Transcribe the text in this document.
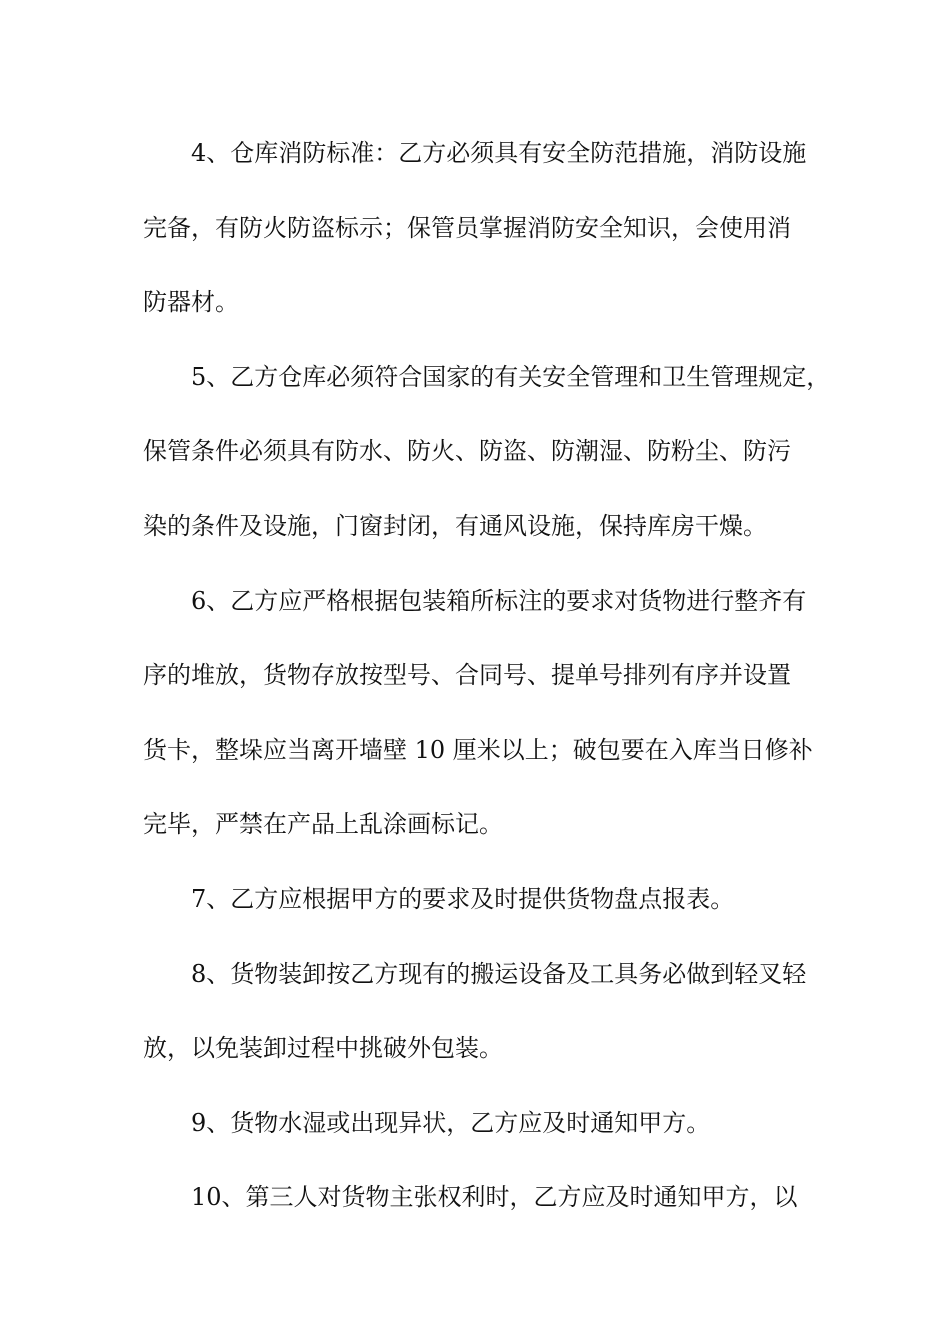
4、仓库消防标准：乙方必须具有安全防范措施，消防设施
完备，有防火防盗标示；保管员掌握消防安全知识，会使用消
防器材。
5、乙方仓库必须符合国家的有关安全管理和卫生管理规定，
保管条件必须具有防水、防火、防盗、防潮湿、防粉尘、防污
染的条件及设施，门窗封闭，有通风设施，保持库房干燥。
6、乙方应严格根据包装箱所标注的要求对货物进行整齐有
序的堆放，货物存放按型号、合同号、提单号排列有序并设置
货卡，整垛应当离开墙壁 10 厘米以上；破包要在入库当日修补
完毕，严禁在产品上乱涂画标记。
7、乙方应根据甲方的要求及时提供货物盘点报表。
8、货物装卸按乙方现有的搬运设备及工具务必做到轻叉轻
放，以免装卸过程中挑破外包装。
9、货物水湿或出现异状，乙方应及时通知甲方。
10、第三人对货物主张权利时，乙方应及时通知甲方，以
